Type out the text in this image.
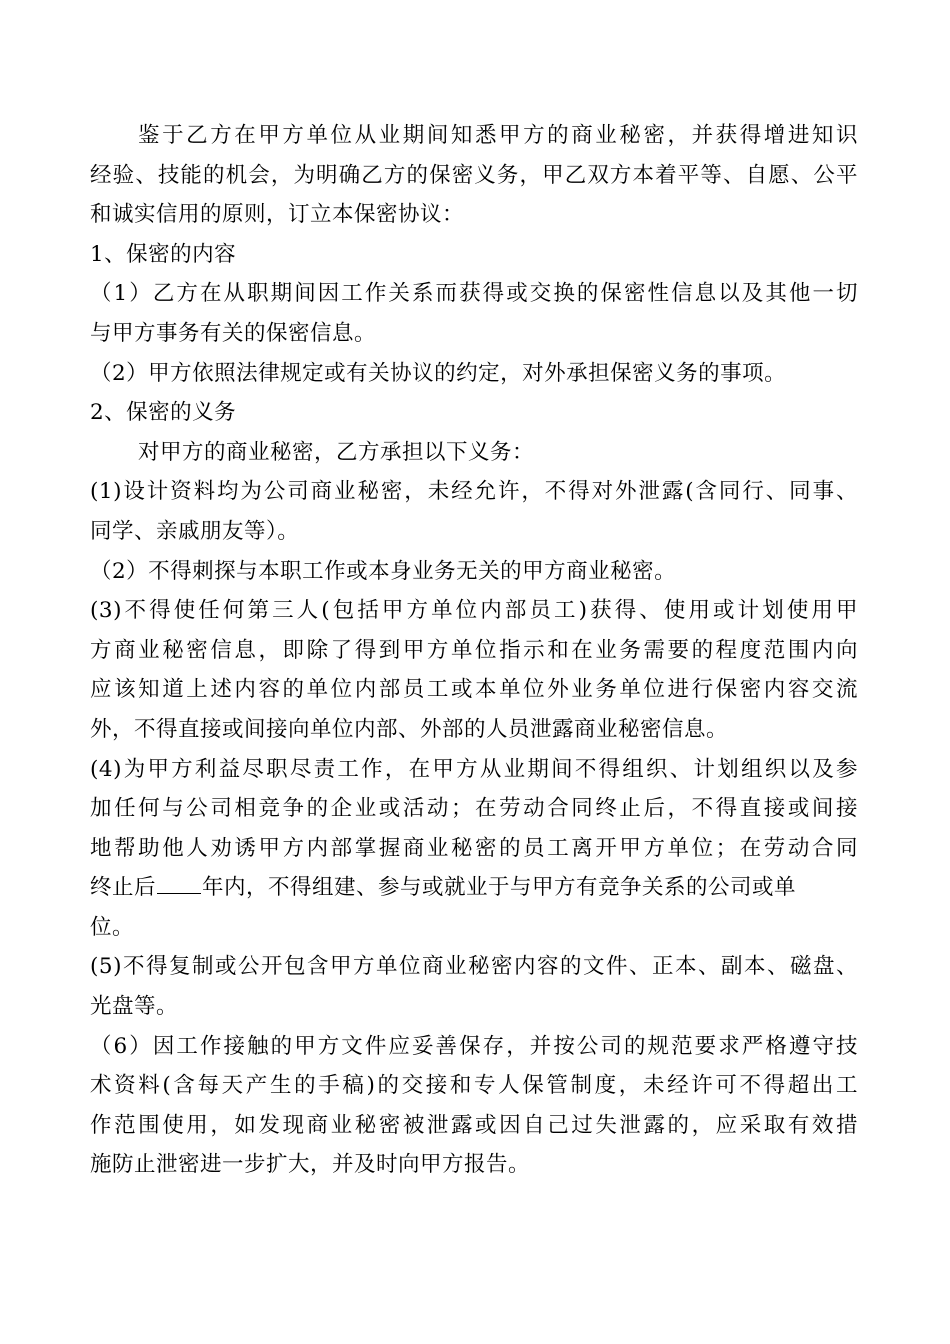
鉴于乙方在甲方单位从业期间知悉甲方的商业秘密，并获得增进知识
经验、技能的机会，为明确乙方的保密义务，甲乙双方本着平等、自愿、公平
和诚实信用的原则，订立本保密协议：
1、保密的内容
（1）乙方在从职期间因工作关系而获得或交换的保密性信息以及其他一切
与甲方事务有关的保密信息。
（2）甲方依照法律规定或有关协议的约定，对外承担保密义务的事项。
2、保密的义务
对甲方的商业秘密，乙方承担以下义务：
(1)设计资料均为公司商业秘密，未经允许，不得对外泄露(含同行、同事、
同学、亲戚朋友等）。
（2）不得刺探与本职工作或本身业务无关的甲方商业秘密。
(3)不得使任何第三人(包括甲方单位内部员工)获得、使用或计划使用甲
方商业秘密信息，即除了得到甲方单位指示和在业务需要的程度范围内向
应该知道上述内容的单位内部员工或本单位外业务单位进行保密内容交流
外，不得直接或间接向单位内部、外部的人员泄露商业秘密信息。
(4)为甲方利益尽职尽责工作，在甲方从业期间不得组织、计划组织以及参
加任何与公司相竞争的企业或活动；在劳动合同终止后，不得直接或间接
地帮助他人劝诱甲方内部掌握商业秘密的员工离开甲方单位；在劳动合同
终止后 年内，不得组建、参与或就业于与甲方有竞争关系的公司或单
位。
(5)不得复制或公开包含甲方单位商业秘密内容的文件、正本、副本、磁盘、
光盘等。
（6）因工作接触的甲方文件应妥善保存，并按公司的规范要求严格遵守技
术资料(含每天产生的手稿)的交接和专人保管制度，未经许可不得超出工
作范围使用，如发现商业秘密被泄露或因自己过失泄露的，应采取有效措
施防止泄密进一步扩大，并及时向甲方报告。
